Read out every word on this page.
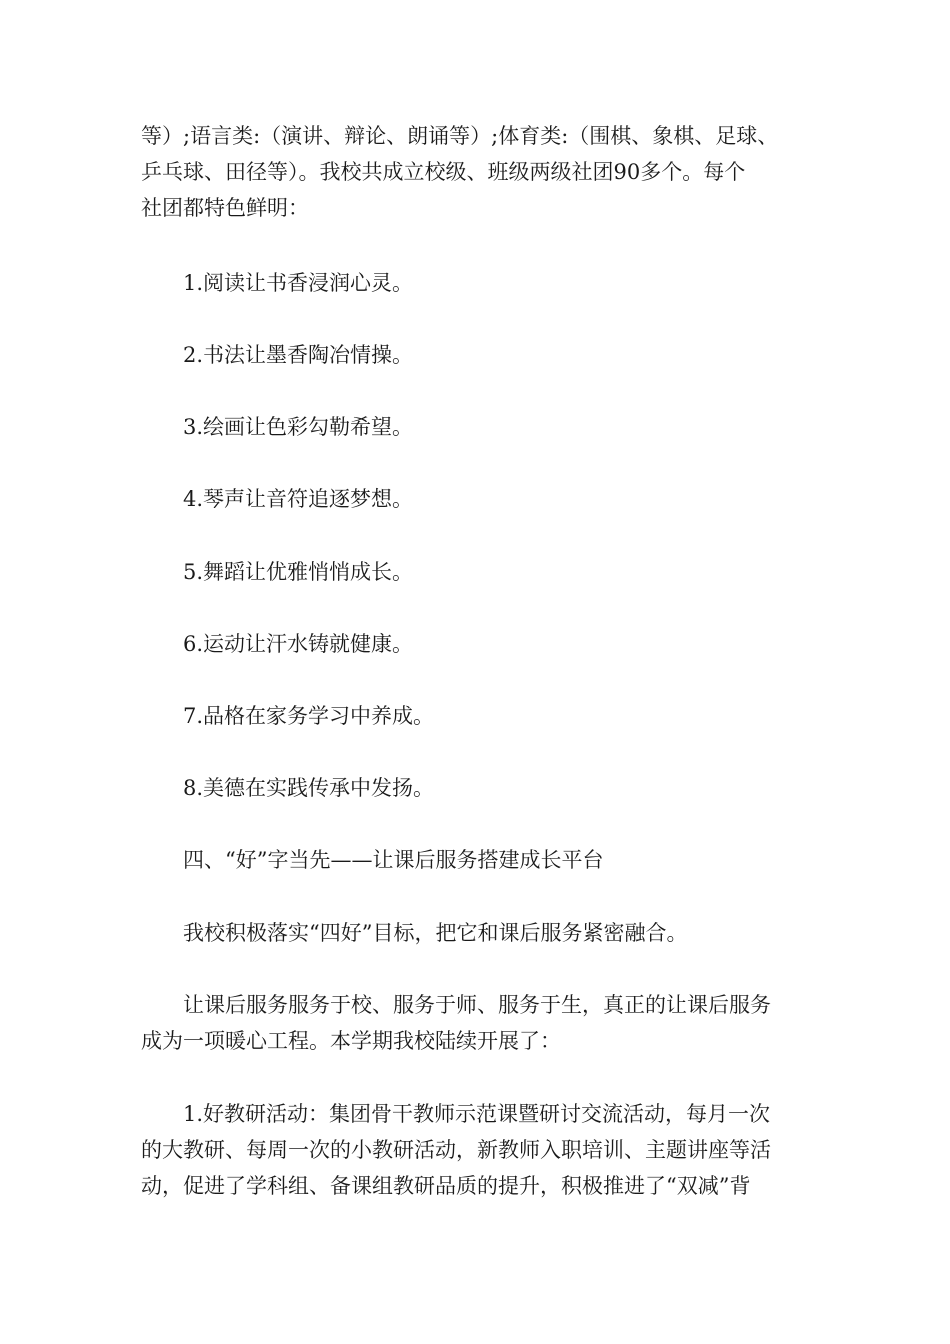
等）;语言类:（演讲、辩论、朗诵等）;体育类:（围棋、象棋、足球、
乒乓球、田径等）。我校共成立校级、班级两级社团90多个。每个
社团都特色鲜明：

1.阅读让书香浸润心灵。

2.书法让墨香陶冶情操。

3.绘画让色彩勾勒希望。

4.琴声让音符追逐梦想。

5.舞蹈让优雅悄悄成长。

6.运动让汗水铸就健康。

7.品格在家务学习中养成。

8.美德在实践传承中发扬。

四、“好”字当先——让课后服务搭建成长平台

我校积极落实“四好”目标，把它和课后服务紧密融合。

让课后服务服务于校、服务于师、服务于生，真正的让课后服务
成为一项暖心工程。本学期我校陆续开展了：
1.好教研活动：集团骨干教师示范课暨研讨交流活动，每月一次
的大教研、每周一次的小教研活动，新教师入职培训、主题讲座等活
动，促进了学科组、备课组教研品质的提升，积极推进了“双减”背
